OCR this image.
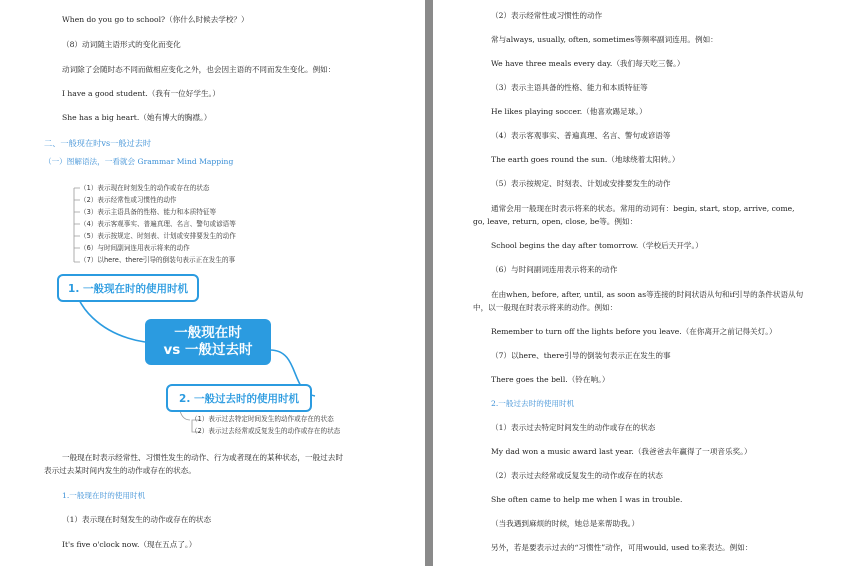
When do you go to school?（你什么时候去学校？）
（8）动词随主语形式的变化而变化
动词除了会随时态不同而做相应变化之外，也会因主语的不同而发生变化。例如：
I have a good student.（我有一位好学生。）
She has a big heart.（她有博大的胸襟。）
二、一般现在时vs一般过去时
（一）图解语法，一看就会 Grammar Mind Mapping
（1）表示现在时刻发生的动作或存在的状态
（2）表示经常性或习惯性的动作
（3）表示主语具备的性格、能力和本质特征等
（4）表示客观事实、普遍真理、名言、警句或谚语等
（5）表示按规定、时刻表、计划或安排要发生的动作
（6）与时间副词连用表示将来的动作
（7）以here、there引导的倒装句表示正在发生的事
1. 一般现在时的使用时机
一般现在时
vs 一般过去时
2. 一般过去时的使用时机
（1）表示过去特定时间发生的动作或存在的状态
（2）表示过去经常或反复发生的动作或存在的状态
一般现在时表示经常性、习惯性发生的动作、行为或者现在的某种状态，一般过去时
表示过去某时间内发生的动作或存在的状态。
1.一般现在时的使用时机
（1）表示现在时刻发生的动作或存在的状态
It's five o'clock now.（现在五点了。）
（2）表示经常性或习惯性的动作
常与always, usually, often, sometimes等频率副词连用。例如：
We have three meals every day.（我们每天吃三餐。）
（3）表示主语具备的性格、能力和本质特征等
He likes playing soccer.（他喜欢踢足球。）
（4）表示客观事实、普遍真理、名言、警句或谚语等
The earth goes round the sun.（地球绕着太阳转。）
（5）表示按规定、时刻表、计划或安排要发生的动作
通常会用一般现在时表示将来的状态。常用的动词有：begin, start, stop, arrive, come,
go, leave, return, open, close, be等。例如：
School begins the day after tomorrow.（学校后天开学。）
（6）与时间副词连用表示将来的动作
在由when, before, after, until, as soon as等连接的时间状语从句和if引导的条件状语从句
中，以一般现在时表示将来的动作。例如：
Remember to turn off the lights before you leave.（在你离开之前记得关灯。）
（7）以here、there引导的倒装句表示正在发生的事
There goes the bell.（铃在响。）
2.一般过去时的使用时机
（1）表示过去特定时间发生的动作或存在的状态
My dad won a music award last year.（我爸爸去年赢得了一项音乐奖。）
（2）表示过去经常或反复发生的动作或存在的状态
She often came to help me when I was in trouble.
（当我遇到麻烦的时候，她总是来帮助我。）
另外，若是要表示过去的“习惯性”动作，可用would, used to来表达。例如：
